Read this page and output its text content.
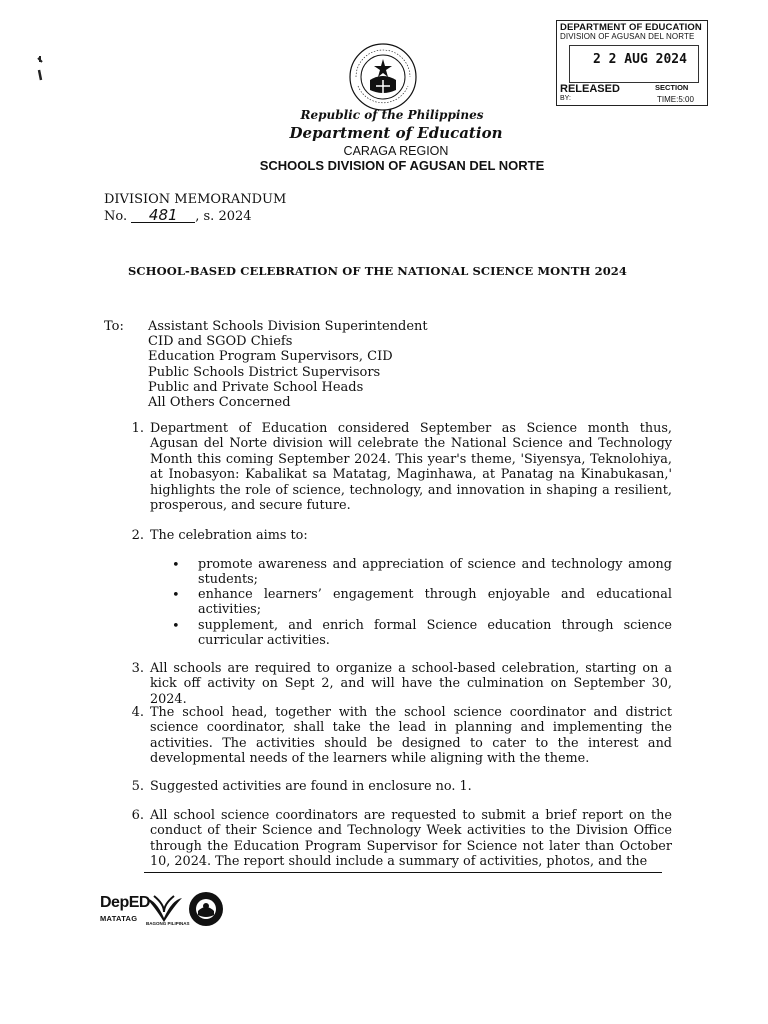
Republic of the Philippines
Department of Education
CARAGA REGION
SCHOOLS DIVISION OF AGUSAN DEL NORTE
DEPARTMENT OF EDUCATION
DIVISION OF AGUSAN DEL NORTE
2 2 AUG 2024
RELEASED	SECTION
BY:	TIME:5:00
DIVISION MEMORANDUM
No. 481 , s. 2024
SCHOOL-BASED CELEBRATION OF THE NATIONAL SCIENCE MONTH 2024
To: Assistant Schools Division Superintendent
CID and SGOD Chiefs
Education Program Supervisors, CID
Public Schools District Supervisors
Public and Private School Heads
All Others Concerned
1. Department of Education considered September as Science month thus, Agusan del Norte division will celebrate the National Science and Technology Month this coming September 2024. This year's theme, 'Siyensya, Teknolohiya, at Inobasyon: Kabalikat sa Matatag, Maginhawa, at Panatag na Kinabukasan,' highlights the role of science, technology, and innovation in shaping a resilient, prosperous, and secure future.
2. The celebration aims to:
• promote awareness and appreciation of science and technology among students;
• enhance learners’ engagement through enjoyable and educational activities;
• supplement, and enrich formal Science education through science curricular activities.
3. All schools are required to organize a school-based celebration, starting on a kick off activity on Sept 2, and will have the culmination on September 30, 2024.
4. The school head, together with the school science coordinator and district science coordinator, shall take the lead in planning and implementing the activities. The activities should be designed to cater to the interest and developmental needs of the learners while aligning with the theme.
5. Suggested activities are found in enclosure no. 1.
6. All school science coordinators are requested to submit a brief report on the conduct of their Science and Technology Week activities to the Division Office through the Education Program Supervisor for Science not later than October 10, 2024. The report should include a summary of activities, photos, and the
DepED
MATATAG
BAGONG PILIPINAS
